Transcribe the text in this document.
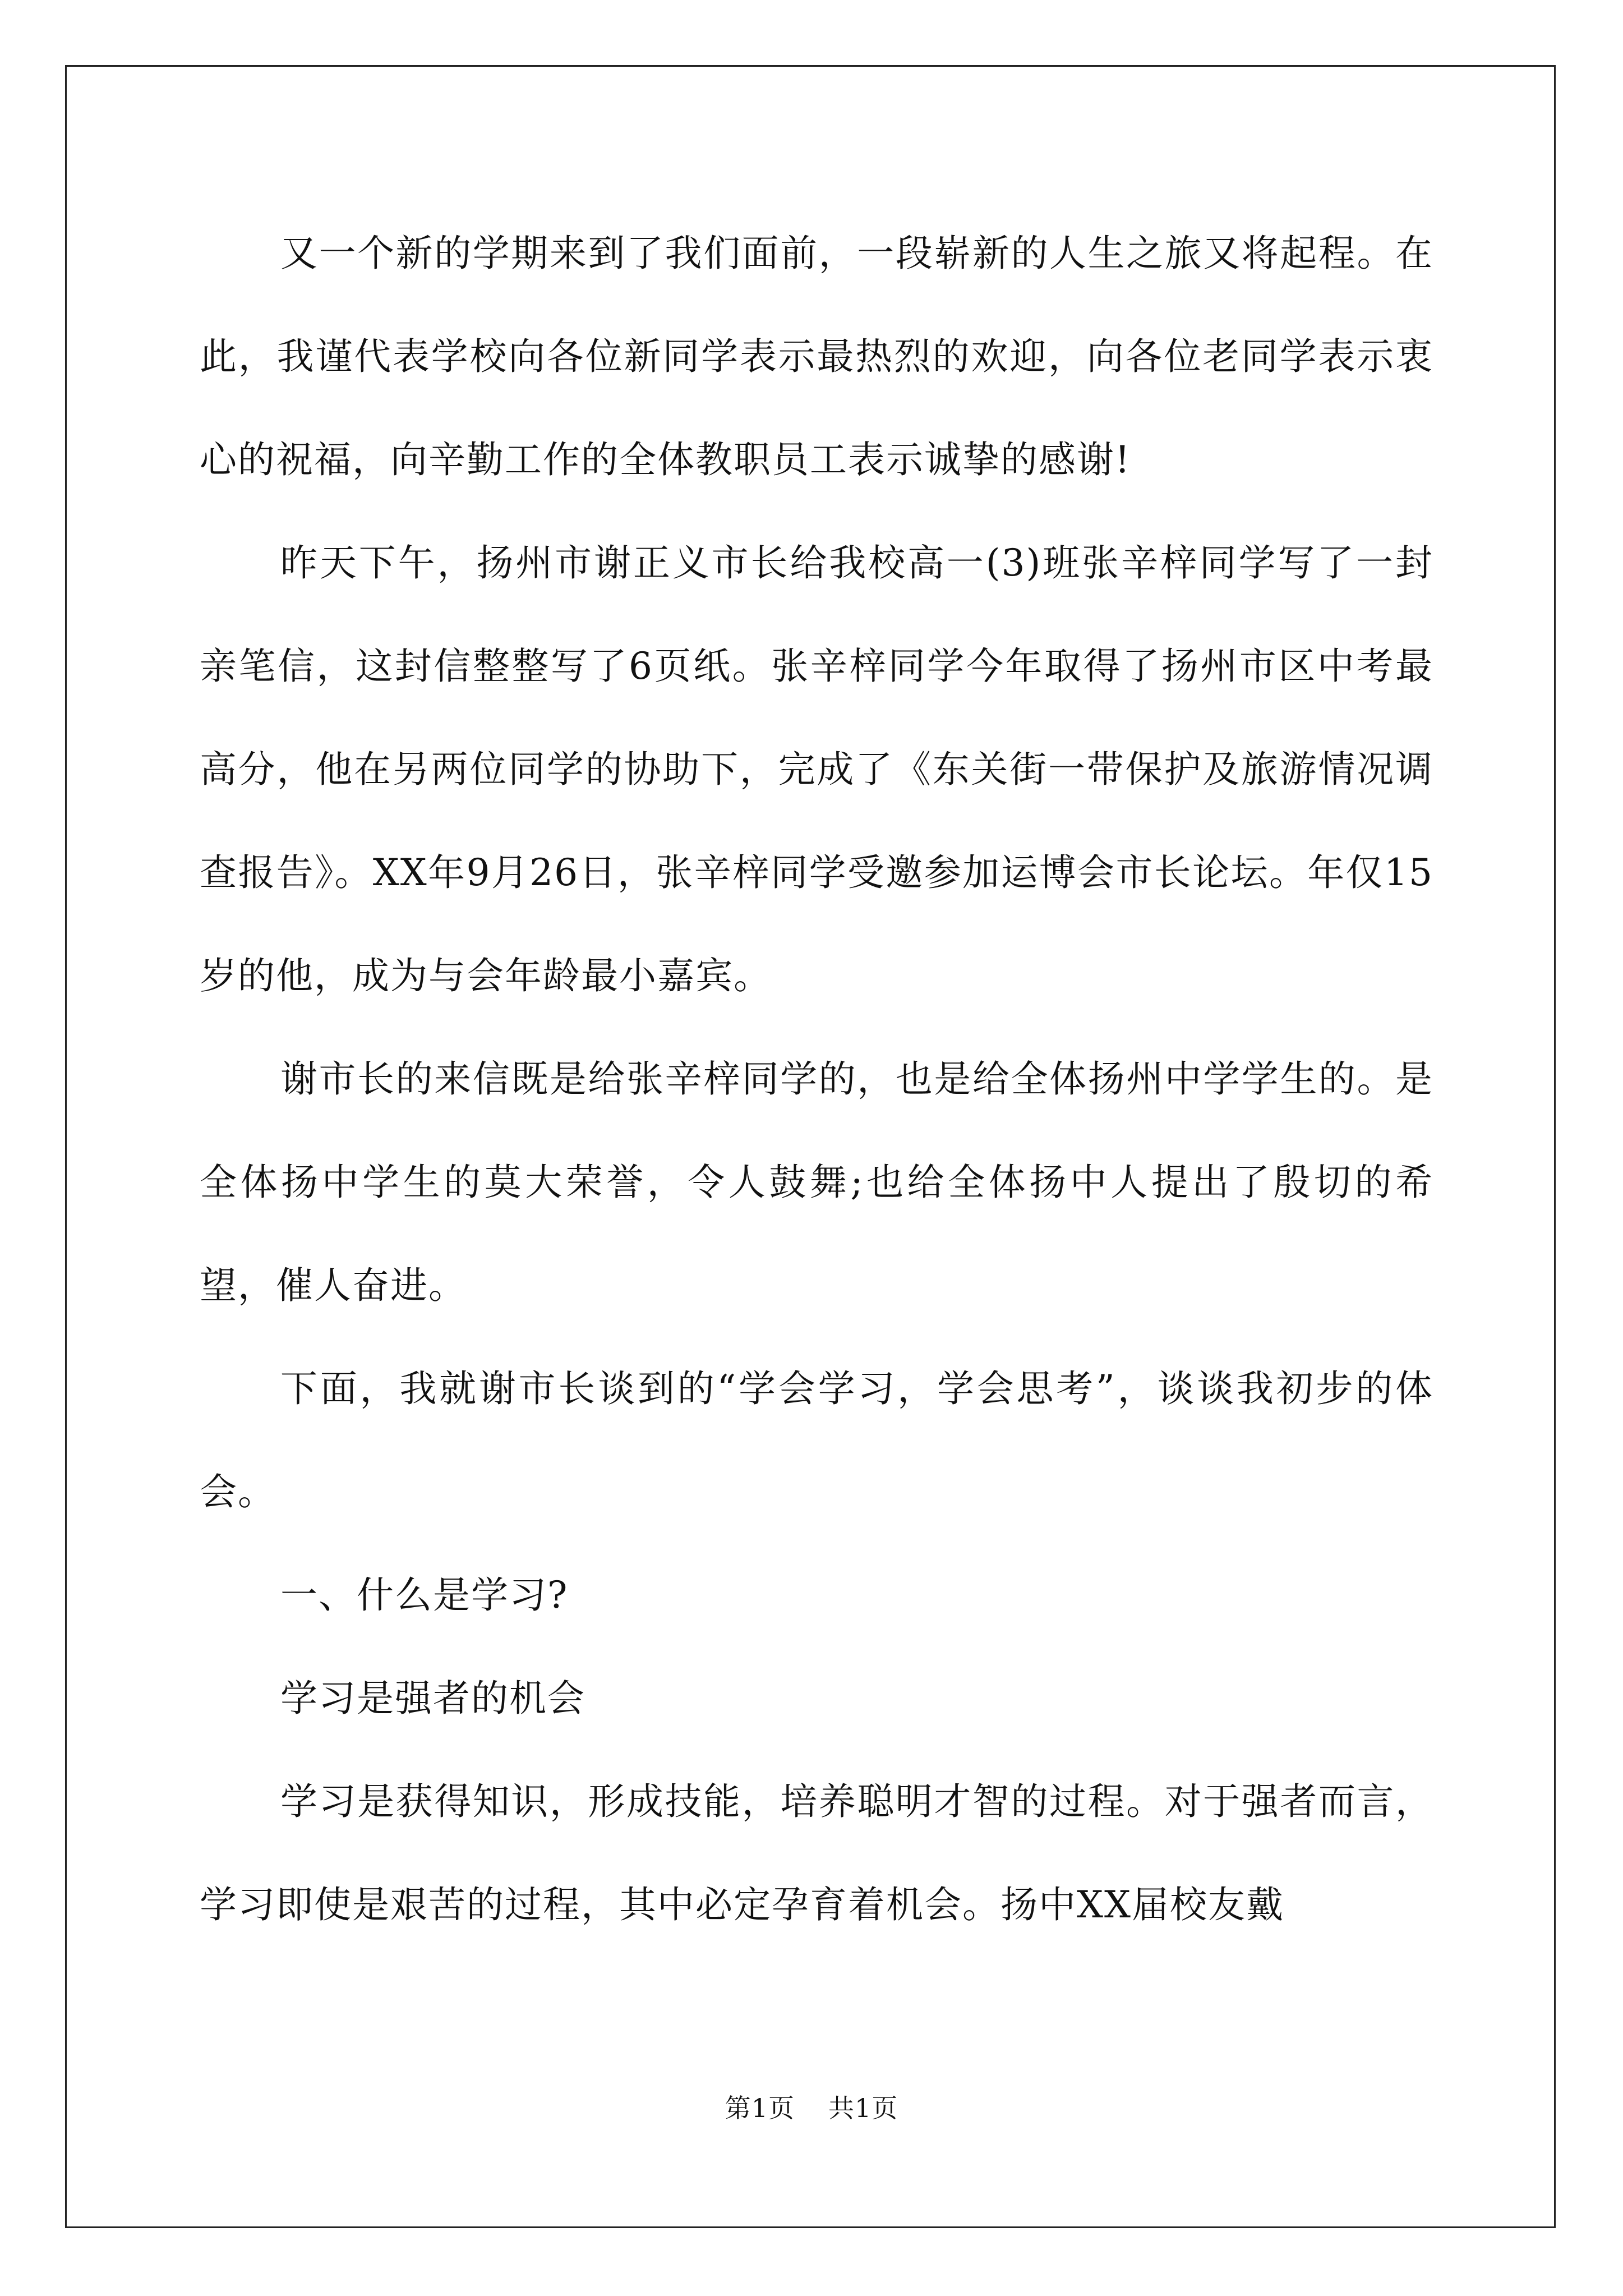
又一个新的学期来到了我们面前，一段崭新的人生之旅又将起程。在此，我谨代表学校向各位新同学表示最热烈的欢迎，向各位老同学表示衷心的祝福，向辛勤工作的全体教职员工表示诚挚的感谢!

昨天下午，扬州市谢正义市长给我校高一(3)班张辛梓同学写了一封亲笔信，这封信整整写了6页纸。张辛梓同学今年取得了扬州市区中考最高分，他在另两位同学的协助下，完成了《东关街一带保护及旅游情况调查报告》。XX年9月26日，张辛梓同学受邀参加运博会市长论坛。年仅15岁的他，成为与会年龄最小嘉宾。

谢市长的来信既是给张辛梓同学的，也是给全体扬州中学学生的。是全体扬中学生的莫大荣誉，令人鼓舞;也给全体扬中人提出了殷切的希望，催人奋进。

下面，我就谢市长谈到的“学会学习，学会思考”，谈谈我初步的体会。

一、什么是学习?

学习是强者的机会

学习是获得知识，形成技能，培养聪明才智的过程。对于强者而言，学习即使是艰苦的过程，其中必定孕育着机会。扬中XX届校友戴

第1页 共1页
